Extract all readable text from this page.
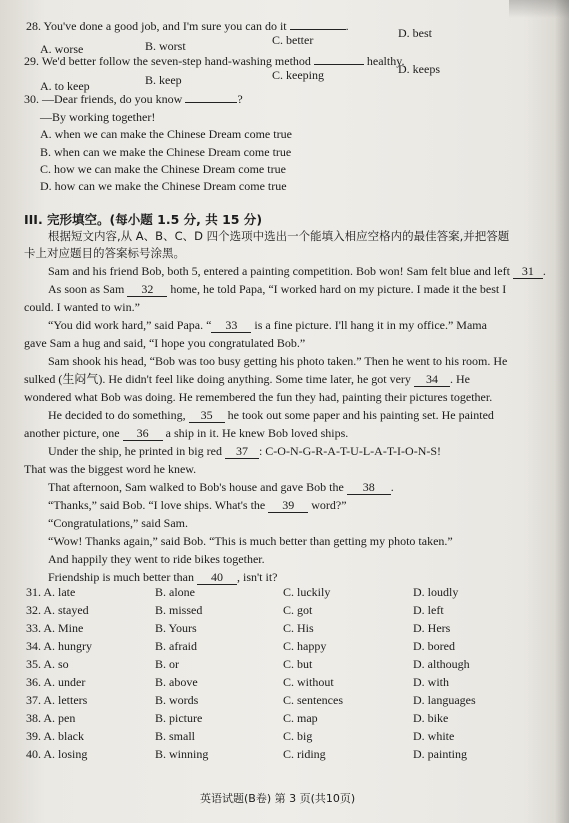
28. You've done a good job, and I'm sure you can do it	.
A. worse	B. worst	C. better	D. best
29. We'd better follow the seven-step hand-washing method	healthy.
A. to keep	B. keep	C. keeping	D. keeps
30. —Dear friends, do you know	?
—By working together!
A. when we can make the Chinese Dream come true
B. when can we make the Chinese Dream come true
C. how we can make the Chinese Dream come true
D. how can we make the Chinese Dream come true
III. 完形填空。(每小题 1.5 分, 共 15 分)
根据短文内容,从 A、B、C、D 四个选项中选出一个能填入相应空格内的最佳答案,并把答题
卡上对应题目的答案标号涂黑。
Sam and his friend Bob, both 5, entered a painting competition. Bob won! Sam felt blue and left 31 .
As soon as Sam 32 home, he told Papa, “I worked hard on my picture. I made it the best I
could. I wanted to win.”
“You did work hard,” said Papa. “ 33 is a fine picture. I'll hang it in my office.” Mama
gave Sam a hug and said, “I hope you congratulated Bob.”
Sam shook his head, “Bob was too busy getting his photo taken.” Then he went to his room. He
sulked (生闷气). He didn't feel like doing anything. Some time later, he got very 34 . He
wondered what Bob was doing. He remembered the fun they had, painting their pictures together.
He decided to do something, 35 he took out some paper and his painting set. He painted
another picture, one 36 a ship in it. He knew Bob loved ships.
Under the ship, he printed in big red 37 : C-O-N-G-R-A-T-U-L-A-T-I-O-N-S!
That was the biggest word he knew.
That afternoon, Sam walked to Bob's house and gave Bob the 38 .
“Thanks,” said Bob. “I love ships. What's the 39 word?”
“Congratulations,” said Sam.
“Wow! Thanks again,” said Bob. “This is much better than getting my photo taken.”
And happily they went to ride bikes together.
Friendship is much better than 40 , isn't it?
31. A. late	B. alone	C. luckily	D. loudly
32. A. stayed	B. missed	C. got	D. left
33. A. Mine	B. Yours	C. His	D. Hers
34. A. hungry	B. afraid	C. happy	D. bored
35. A. so	B. or	C. but	D. although
36. A. under	B. above	C. without	D. with
37. A. letters	B. words	C. sentences	D. languages
38. A. pen	B. picture	C. map	D. bike
39. A. black	B. small	C. big	D. white
40. A. losing	B. winning	C. riding	D. painting
英语试题(B卷) 第 3 页(共10页)
